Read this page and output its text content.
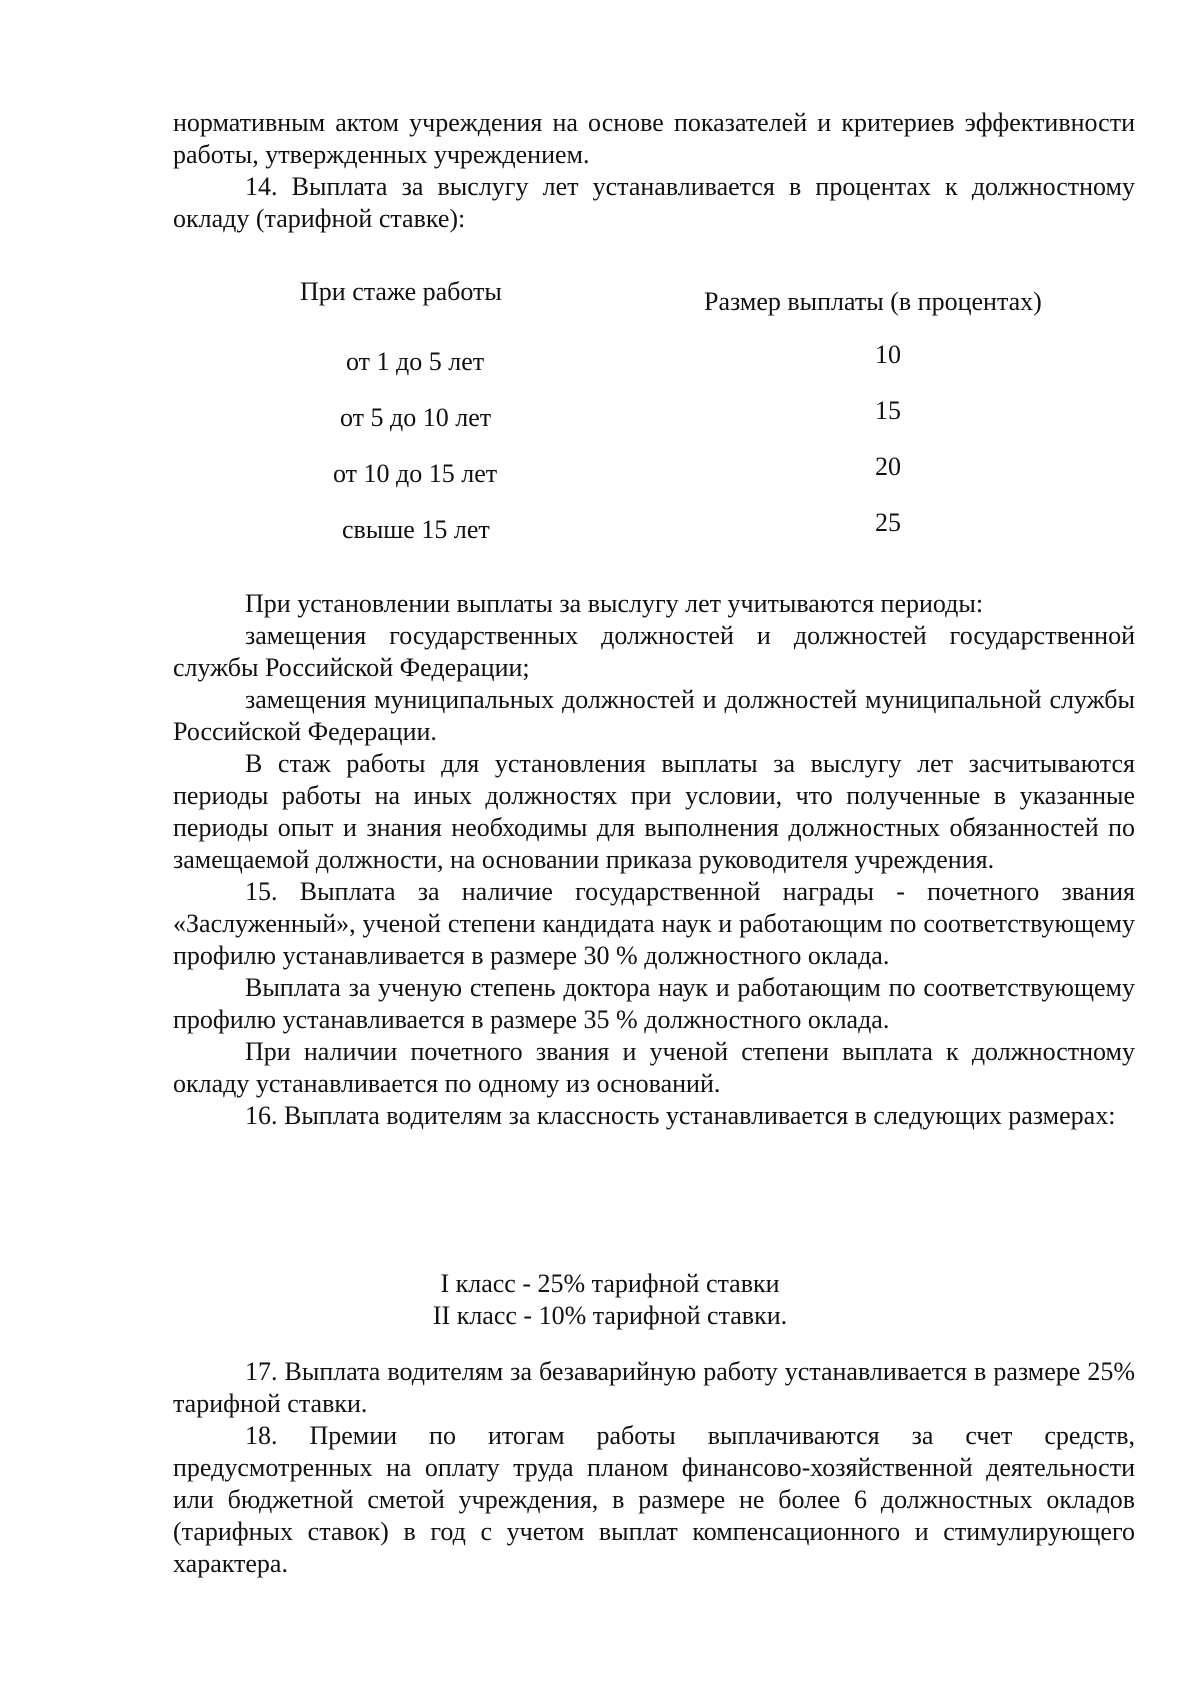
нормативным актом учреждения на основе показателей и критериев эффективности работы, утвержденных учреждением.

14. Выплата за выслугу лет устанавливается в процентах к должностному окладу (тарифной ставке):

При стаже работы	Размер выплаты (в процентах)
от 1 до 5 лет	10
от 5 до 10 лет	15
от 10 до 15 лет	20
свыше 15 лет	25
При установлении выплаты за выслугу лет учитываются периоды:

замещения государственных должностей и должностей государственной службы Российской Федерации;

замещения муниципальных должностей и должностей муниципальной службы Российской Федерации.

В стаж работы для установления выплаты за выслугу лет засчитываются периоды работы на иных должностях при условии, что полученные в указанные периоды опыт и знания необходимы для выполнения должностных обязанностей по замещаемой должности, на основании приказа руководителя учреждения.

15. Выплата за наличие государственной награды - почетного звания «Заслуженный», ученой степени кандидата наук и работающим по соответствующему профилю устанавливается в размере 30 % должностного оклада.

Выплата за ученую степень доктора наук и работающим по соответствующему профилю устанавливается в размере 35 % должностного оклада.

При наличии почетного звания и ученой степени выплата к должностному окладу устанавливается по одному из оснований.

16. Выплата водителям за классность устанавливается в следующих размерах:

I класс - 25% тарифной ставки
II класс - 10% тарифной ставки.

17. Выплата водителям за безаварийную работу устанавливается в размере 25% тарифной ставки.

18. Премии по итогам работы выплачиваются за счет средств, предусмотренных на оплату труда планом финансово-хозяйственной деятельности или бюджетной сметой учреждения, в размере не более 6 должностных окладов (тарифных ставок) в год с учетом выплат компенсационного и стимулирующего характера.
